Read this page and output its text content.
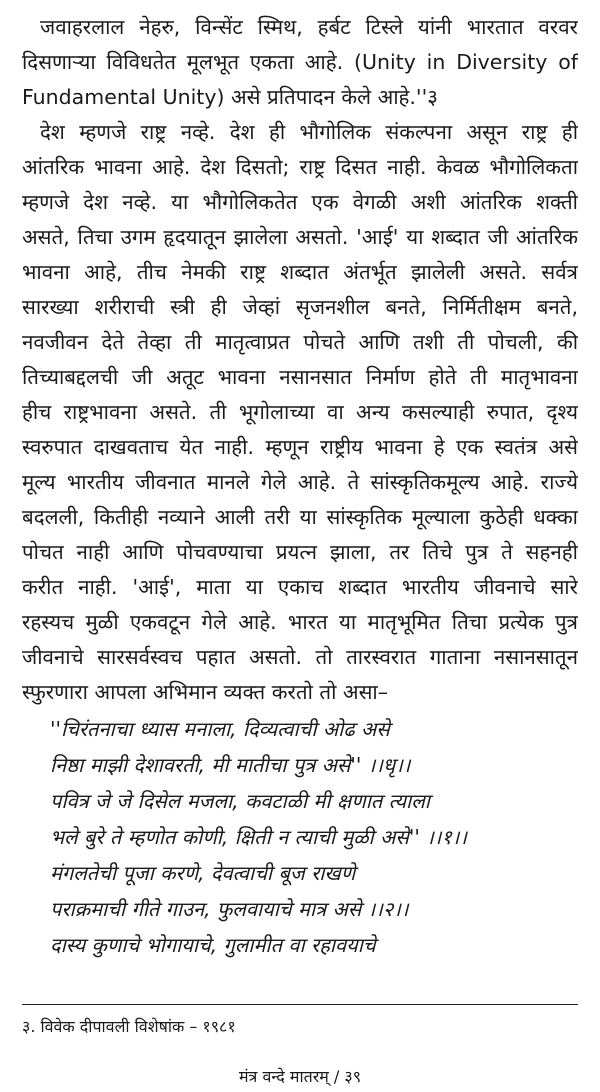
जवाहरलाल नेहरु, विन्सेंट स्मिथ, हर्बट टिस्ले यांनी भारतात वरवर
दिसणाऱ्या विविधतेत मूलभूत एकता आहे. (Unity in Diversity of
Fundamental Unity) असे प्रतिपादन केले आहे.''३
देश म्हणजे राष्ट्र नव्हे. देश ही भौगोलिक संकल्पना असून राष्ट्र ही
आंतरिक भावना आहे. देश दिसतो; राष्ट्र दिसत नाही. केवळ भौगोलिकता
म्हणजे देश नव्हे. या भौगोलिकतेत एक वेगळी अशी आंतरिक शक्ती
असते, तिचा उगम हृदयातून झालेला असतो. 'आई' या शब्दात जी आंतरिक
भावना आहे, तीच नेमकी राष्ट्र शब्दात अंतर्भूत झालेली असते. सर्वत्र
सारख्या शरीराची स्त्री ही जेव्हां सृजनशील बनते, निर्मितीक्षम बनते,
नवजीवन देते तेव्हा ती मातृत्वाप्रत पोचते आणि तशी ती पोचली, की
तिच्याबद्दलची जी अतूट भावना नसानसात निर्माण होते ती मातृभावना
हीच राष्ट्रभावना असते. ती भूगोलाच्या वा अन्य कसल्याही रुपात, दृश्य
स्वरुपात दाखवताच येत नाही. म्हणून राष्ट्रीय भावना हे एक स्वतंत्र असे
मूल्य भारतीय जीवनात मानले गेले आहे. ते सांस्कृतिकमूल्य आहे. राज्ये
बदलली, कितीही नव्याने आली तरी या सांस्कृतिक मूल्याला कुठेही धक्का
पोचत नाही आणि पोचवण्याचा प्रयत्न झाला, तर तिचे पुत्र ते सहनही
करीत नाही. 'आई', माता या एकाच शब्दात भारतीय जीवनाचे सारे
रहस्यच मुळी एकवटून गेले आहे. भारत या मातृभूमित तिचा प्रत्येक पुत्र
जीवनाचे सारसर्वस्वच पहात असतो. तो तारस्वरात गाताना नसानसातून
स्फुरणारा आपला अभिमान व्यक्त करतो तो असा–
''चिरंतनाचा ध्यास मनाला, दिव्यत्वाची ओढ असे
निष्ठा माझी देशावरती, मी मातीचा पुत्र असे'' ।।धृ।।
पवित्र जे जे दिसेल मजला, कवटाळी मी क्षणात त्याला
भले बुरे ते म्हणोत कोणी, क्षिती न त्याची मुळी असे'' ।।१।।
मंगलतेची पूजा करणे, देवत्वाची बूज राखणे
पराक्रमाची गीते गाउन, फुलवायाचे मात्र असे ।।२।।
दास्य कुणाचे भोगायाचे, गुलामीत वा रहावयाचे
३. विवेक दीपावली विशेषांक – १९८१
मंत्र वन्दे मातरम् / ३९
